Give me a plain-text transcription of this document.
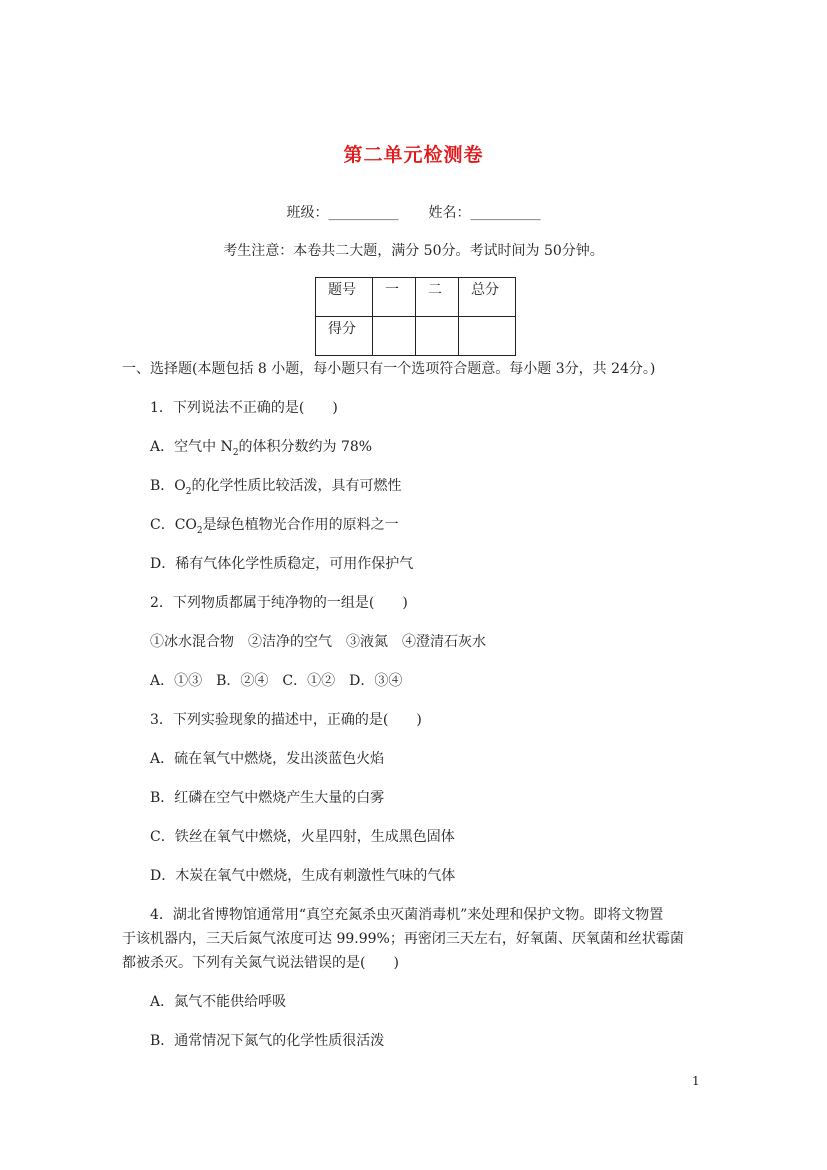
第二单元检测卷
班级：__________ 姓名：__________
考生注意：本卷共二大题，满分 50分。考试时间为 50分钟。
题号	一	二	总分
得分			
一、选择题(本题包括 8 小题，每小题只有一个选项符合题意。每小题 3分，共 24分。)
1．下列说法不正确的是(　　)
A．空气中 $N_2$的体积分数约为 78%
B．$O_2$的化学性质比较活泼，具有可燃性
C．$CO_2$是绿色植物光合作用的原料之一
D．稀有气体化学性质稳定，可用作保护气
2．下列物质都属于纯净物的一组是(　　)
①冰水混合物　②洁净的空气　③液氮　④澄清石灰水
A．①③　B．②④　C．①②　D．③④
3．下列实验现象的描述中，正确的是(　　)
A．硫在氧气中燃烧，发出淡蓝色火焰
B．红磷在空气中燃烧产生大量的白雾
C．铁丝在氧气中燃烧，火星四射，生成黑色固体
D．木炭在氧气中燃烧，生成有刺激性气味的气体
4．湖北省博物馆通常用“真空充氮杀虫灭菌消毒机”来处理和保护文物。即将文物置
于该机器内，三天后氮气浓度可达 99.99%；再密闭三天左右，好氧菌、厌氧菌和丝状霉菌
都被杀灭。下列有关氮气说法错误的是(　　)
A．氮气不能供给呼吸
B．通常情况下氮气的化学性质很活泼
1
